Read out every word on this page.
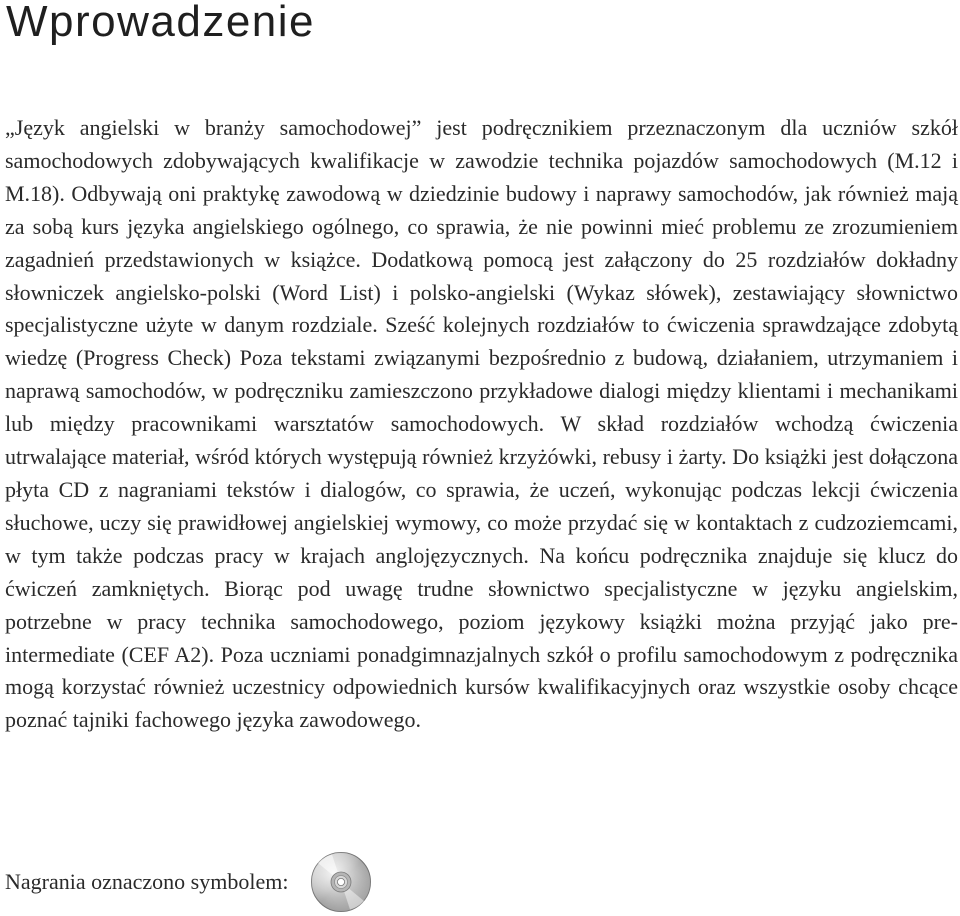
Wprowadzenie

„Język angielski w branży samochodowej” jest podręcznikiem przeznaczonym dla uczniów szkół samochodowych zdobywających kwalifikacje w zawodzie technika pojazdów samochodowych (M.12 i M.18). Odbywają oni praktykę zawodową w dziedzinie budowy i naprawy samochodów, jak również mają za sobą kurs języka angielskiego ogólnego, co sprawia, że nie powinni mieć problemu ze zrozumieniem zagadnień przedstawionych w książce. Dodatkową pomocą jest załączony do 25 rozdziałów dokładny słowniczek angielsko-polski (Word List) i polsko-angielski (Wykaz słówek), zestawiający słownictwo specjalistyczne użyte w danym rozdziale. Sześć kolejnych rozdziałów to ćwiczenia sprawdzające zdobytą wiedzę (Progress Check) Poza tekstami związanymi bezpośrednio z budową, działaniem, utrzymaniem i naprawą samochodów, w podręczniku zamieszczono przykładowe dialogi między klientami i mechanikami lub między pracownikami warsztatów samochodowych. W skład rozdziałów wchodzą ćwiczenia utrwalające materiał, wśród których występują również krzyżówki, rebusy i żarty. Do książki jest dołączona płyta CD z nagraniami tekstów i dialogów, co sprawia, że uczeń, wykonując podczas lekcji ćwiczenia słuchowe, uczy się prawidłowej angielskiej wymowy, co może przydać się w kontaktach z cudzoziemcami, w tym także podczas pracy w krajach anglojęzycznych. Na końcu podręcznika znajduje się klucz do ćwiczeń zamkniętych. Biorąc pod uwagę trudne słownictwo specjalistyczne w języku angielskim, potrzebne w pracy technika samochodowego, poziom językowy książki można przyjąć jako pre-intermediate (CEF A2). Poza uczniami ponadgimnazjalnych szkół o profilu samochodowym z podręcznika mogą korzystać również uczestnicy odpowiednich kursów kwalifikacyjnych oraz wszystkie osoby chcące poznać tajniki fachowego języka zawodowego.

Nagrania oznaczono symbolem:
